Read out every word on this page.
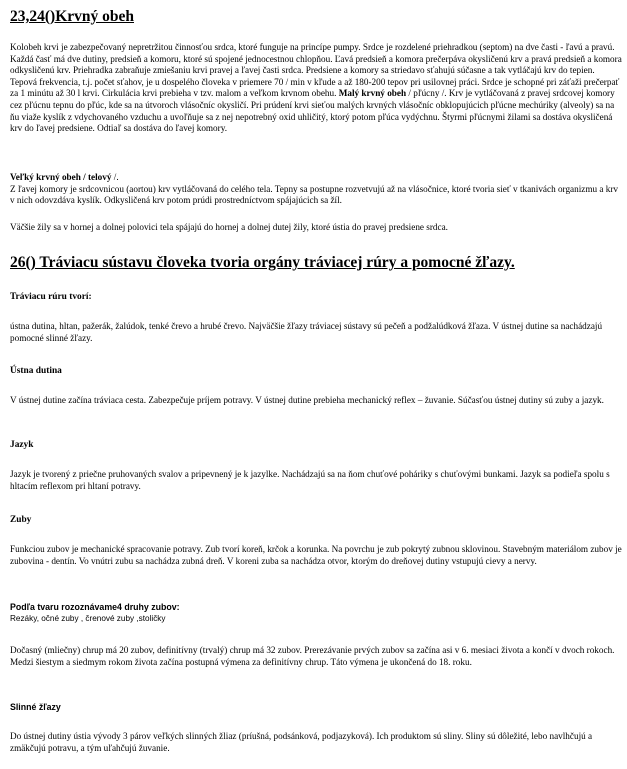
23,24()Krvný obeh
Kolobeh krvi je zabezpečovaný nepretržitou činnosťou srdca, ktoré funguje na princípe pumpy. Srdce je rozdelené priehradkou (septom) na dve časti - ľavú a pravú. Každá časť má dve dutiny, predsieň a komoru, ktoré sú spojené jednocestnou chlopňou. Ľavá predsieň a komora prečerpáva okysličenú krv a pravá predsieň a komora odkysličenú krv. Priehradka zabraňuje zmiešaniu krvi pravej a ľavej časti srdca. Predsiene a komory sa striedavo sťahujú súčasne a tak vytláčajú krv do tepien. Tepová frekvencia, t.j. počet sťahov, je u dospelého človeka v priemere 70 / min v kľude a až 180-200 tepov pri usilovnej práci. Srdce je schopné pri záťaži prečerpať za 1 minútu až 30 l krvi. Cirkulácia krvi prebieha v tzv. malom a veľkom krvnom obehu. Malý krvný obeh / pľúcny /. Krv je vytláčovaná z pravej srdcovej komory cez pľúcnu tepnu do pľúc, kde sa na útvoroch vlásočníc okysličí. Pri prúdení krvi sieťou malých krvných vlásočníc obklopujúcich pľúcne mechúriky (alveoly) sa na ňu viaže kyslík z vdychovaného vzduchu a uvoľňuje sa z nej nepotrebný oxid uhličitý, ktorý potom pľúca vydýchnu. Štyrmi pľúcnymi žilami sa dostáva okysličená krv do ľavej predsiene. Odtiaľ sa dostáva do ľavej komory.
Veľký krvný obeh / telový /.
Z ľavej komory je srdcovnicou (aortou) krv vytláčovaná do celého tela. Tepny sa postupne rozvetvujú až na vlásočnice, ktoré tvoria sieť v tkanivách organizmu a krv v nich odovzdáva kyslík. Odkysličená krv potom prúdi prostredníctvom spájajúcich sa žíl.
Väčšie žily sa v hornej a dolnej polovici tela spájajú do hornej a dolnej dutej žily, ktoré ústia do pravej predsiene srdca.
26() Tráviacu sústavu človeka tvoria orgány tráviacej rúry a pomocné žľazy.
Tráviacu rúru tvorí:
ústna dutina, hltan, pažerák, žalúdok, tenké črevo a hrubé črevo. Najväčšie žľazy tráviacej sústavy sú pečeň a podžalúdková žľaza. V ústnej dutine sa nachádzajú pomocné slinné žľazy.
Ústna dutina
V ústnej dutine začína tráviaca cesta. Zabezpečuje príjem potravy. V ústnej dutine prebieha mechanický reflex – žuvanie. Súčasťou ústnej dutiny sú zuby a jazyk.
Jazyk
Jazyk je tvorený z priečne pruhovaných svalov a pripevnený je k jazylke. Nachádzajú sa na ňom chuťové poháriky s chuťovými bunkami. Jazyk sa podieľa spolu s hltacím reflexom pri hltaní potravy.
Zuby
Funkciou zubov je mechanické spracovanie potravy. Zub tvorí koreň, krčok a korunka. Na povrchu je zub pokrytý zubnou sklovinou. Stavebným materiálom zubov je zubovina - dentín. Vo vnútri zubu sa nachádza zubná dreň. V koreni zuba sa nachádza otvor, ktorým do dreňovej dutiny vstupujú cievy a nervy.
Podľa tvaru rozoznávame4 druhy zubov:
Rezáky, očné zuby , črenové zuby ,stoličky
Dočasný (mliečny) chrup má 20 zubov, definitívny (trvalý) chrup má 32 zubov. Prerezávanie prvých zubov sa začína asi v 6. mesiaci života a končí v dvoch rokoch. Medzi šiestym a siedmym rokom života začína postupná výmena za definitívny chrup. Táto výmena je ukončená do 18. roku.
Slinné žľazy
Do ústnej dutiny ústia vývody 3 párov veľkých slinných žliaz (príušná, podsánková, podjazyková). Ich produktom sú sliny. Sliny sú dôležité, lebo navlhčujú a zmäkčujú potravu, a tým uľahčujú žuvanie.
